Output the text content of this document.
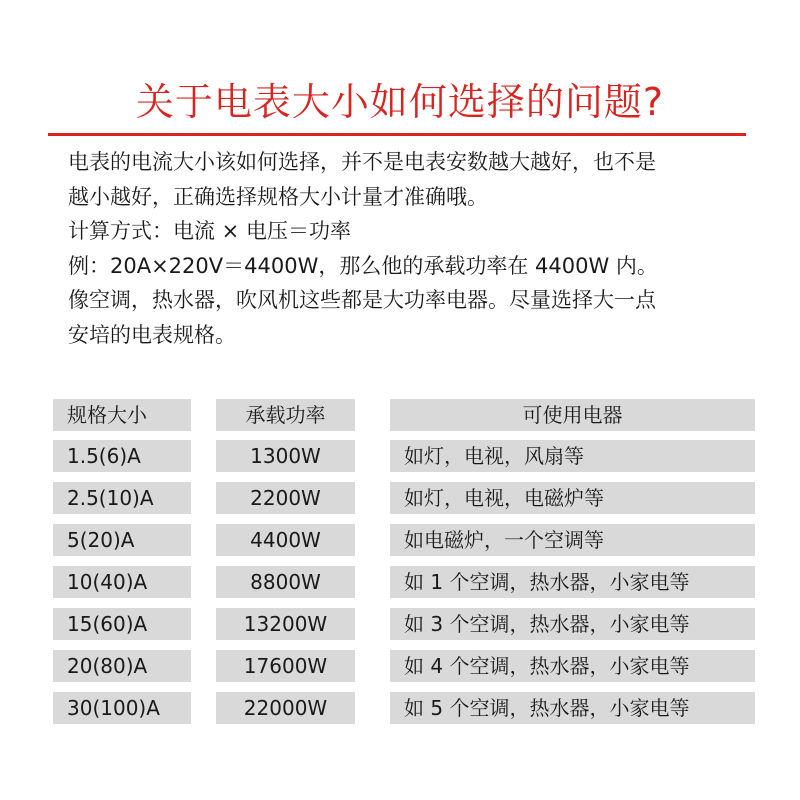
关于电表大小如何选择的问题?

电表的电流大小该如何选择，并不是电表安数越大越好，也不是

越小越好，正确选择规格大小计量才准确哦。

计算方式：电流 × 电压＝功率

例：20A×220V＝4400W，那么他的承载功率在 4400W 内。

像空调，热水器，吹风机这些都是大功率电器。尽量选择大一点

安培的电表规格。

规格大小	承载功率	可使用电器
1.5(6)A	1300W	如灯，电视，风扇等
2.5(10)A	2200W	如灯，电视，电磁炉等
5(20)A	4400W	如电磁炉，一个空调等
10(40)A	8800W	如 1 个空调，热水器，小家电等
15(60)A	13200W	如 3 个空调，热水器，小家电等
20(80)A	17600W	如 4 个空调，热水器，小家电等
30(100)A	22000W	如 5 个空调，热水器，小家电等
